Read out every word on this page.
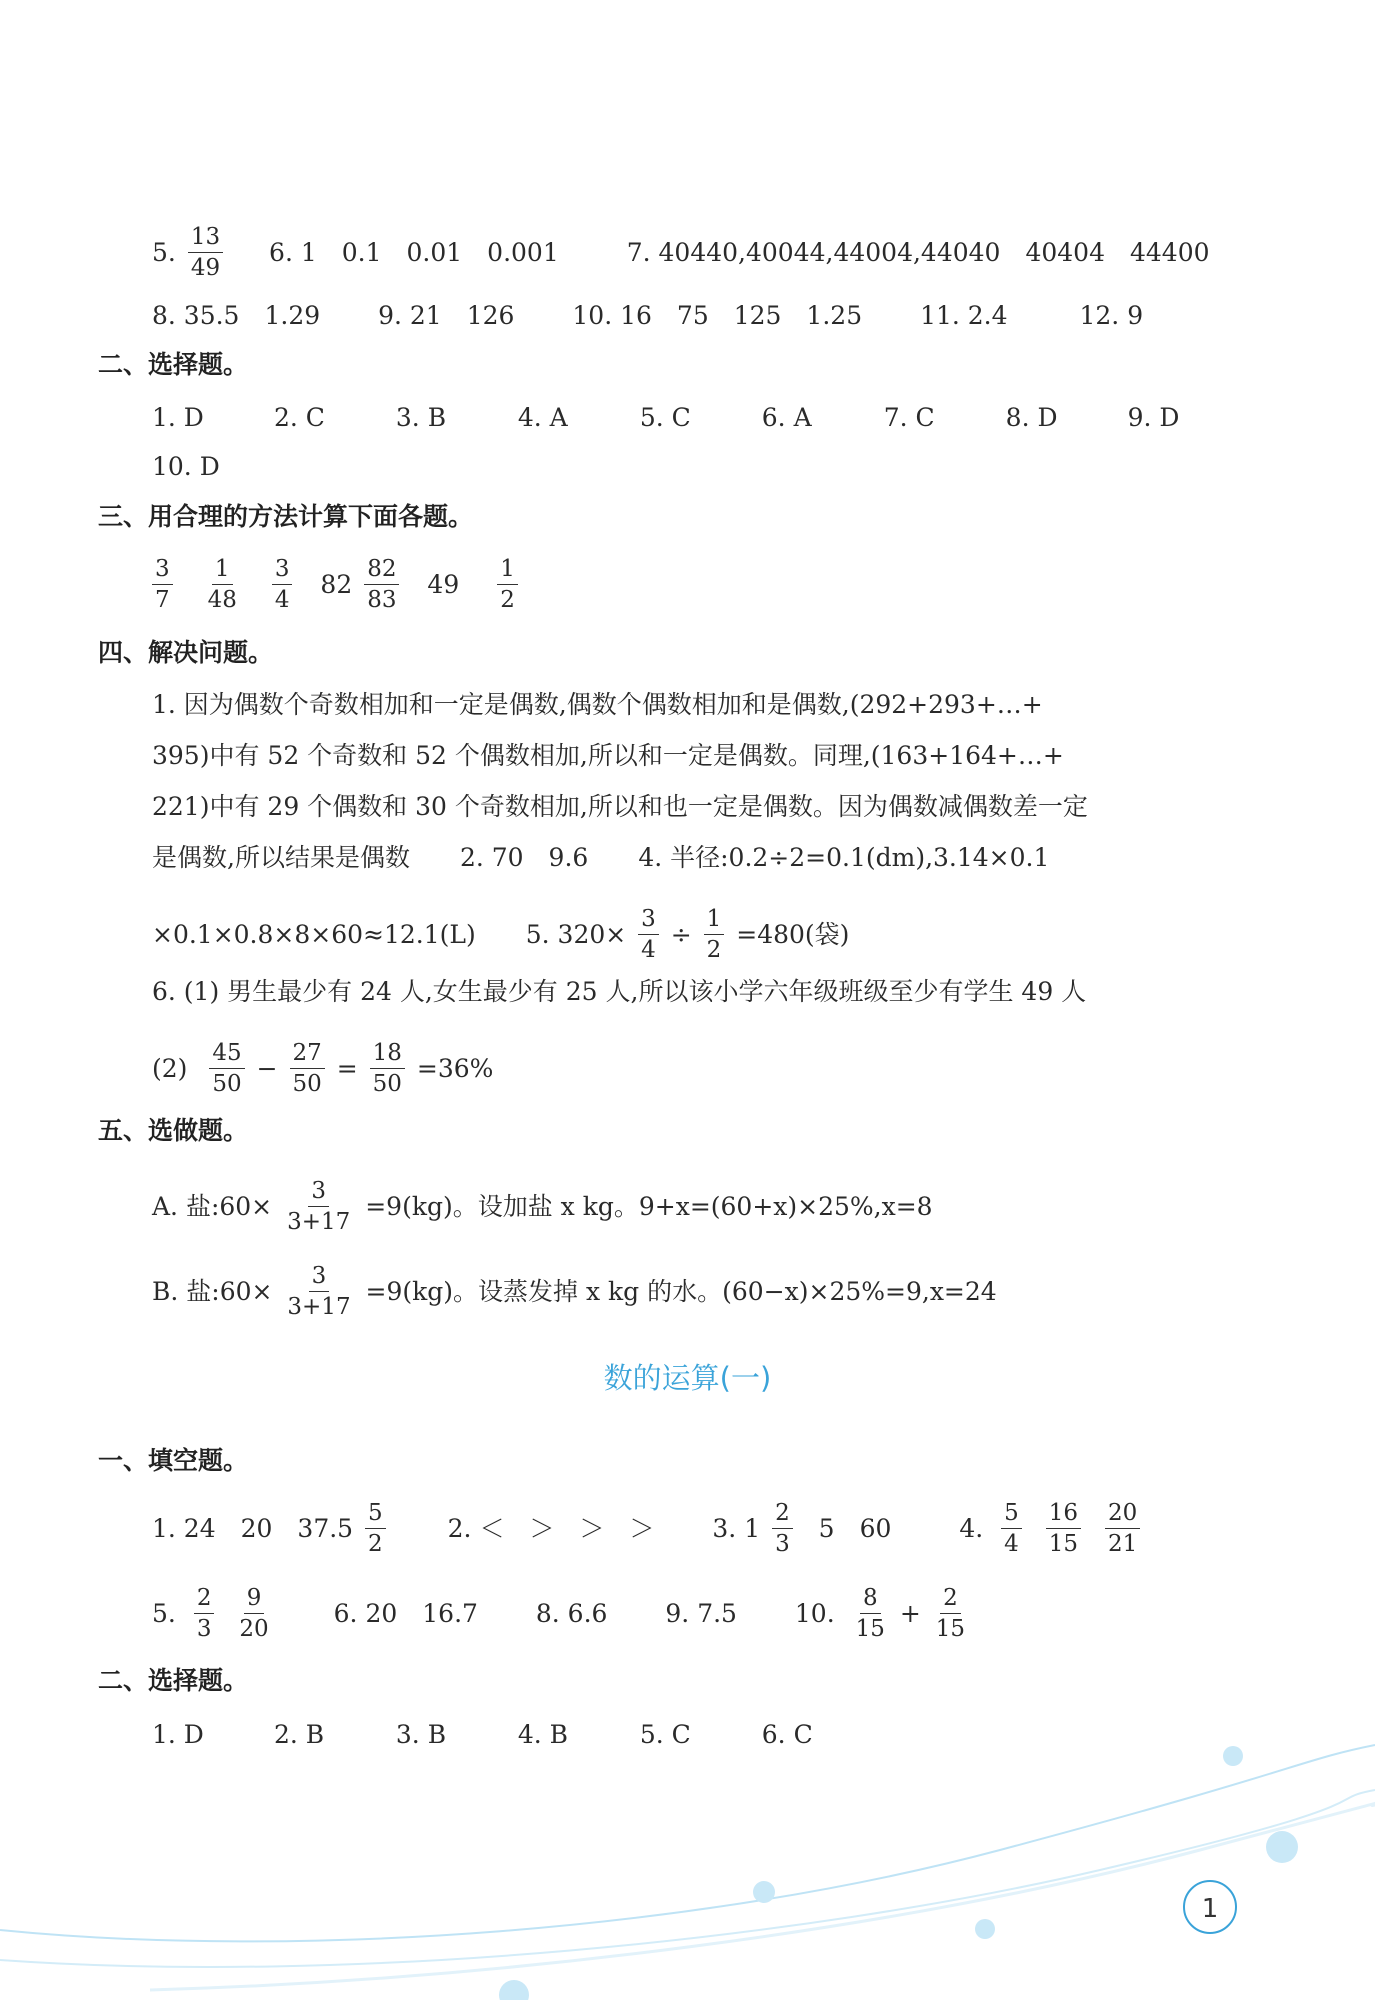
5. $\frac{13}{49} 6$. 1　0.1　0.01　0.001	7. 40440,40044,44004,44040　40404　44400
8. 35.5　1.29 9. 21　126 10. 16　75　125　1.25 11. 2.4	12. 9
二、选择题。
1. D	2. C	3. B	4. A	5. C	6. A	7. C	8. D	9. D
10. D
三、用合理的方法计算下面各题。
$\frac{3}{7}$
$\frac{1}{48}$
$\frac{3}{4} 82 \frac{82}{83} 49 \frac{1}{2}$
四、解决问题。
1. 因为偶数个奇数相加和一定是偶数,偶数个偶数相加和是偶数,(292+293+…+
395)中有 52 个奇数和 52 个偶数相加,所以和一定是偶数。同理,(163+164+…+
221)中有 29 个偶数和 30 个奇数相加,所以和也一定是偶数。因为偶数减偶数差一定
是偶数,所以结果是偶数　　2. 70　9.6　　4. 半径:0.2÷2=0.1(dm),3.14×0.1
×0.1×0.8×8×60≈12.1(L)　　5. $320\times \frac{3}{4} \div \frac{1}{2} =480$(袋)
6. (1) 男生最少有 24 人,女生最少有 25 人,所以该小学六年级班级至少有学生 49 人
$(2) \frac{45}{50} - \frac{27}{50} = \frac{18}{50} =36\%$
五、选做题。
A. 盐:60× $\frac{3}{3+17} =9(kg)$。设加盐 x kg。9+x=(60+x)×25%,x=8
B. 盐:60× $\frac{3}{3+17} =9(kg)$。设蒸发掉 x kg 的水。(60−x)×25%=9,x=24
数的运算(一)
一、填空题。
1. 24　20　$37.5 \frac{5}{2} 2$. ＜　＞　＞　＞ 3. $1 \frac{2}{3} 5$　60	4. $\frac{5}{4}$
$\frac{16}{15}$
$\frac{20}{21}$
5. $\frac{2}{3}$
$\frac{9}{20} 6$. 20　16.7 8. 6.6 9. 7.5 10. $\frac{8}{15} + \frac{2}{15}$
二、选择题。
1. D	2. B	3. B	4. B	5. C	6. C
1
